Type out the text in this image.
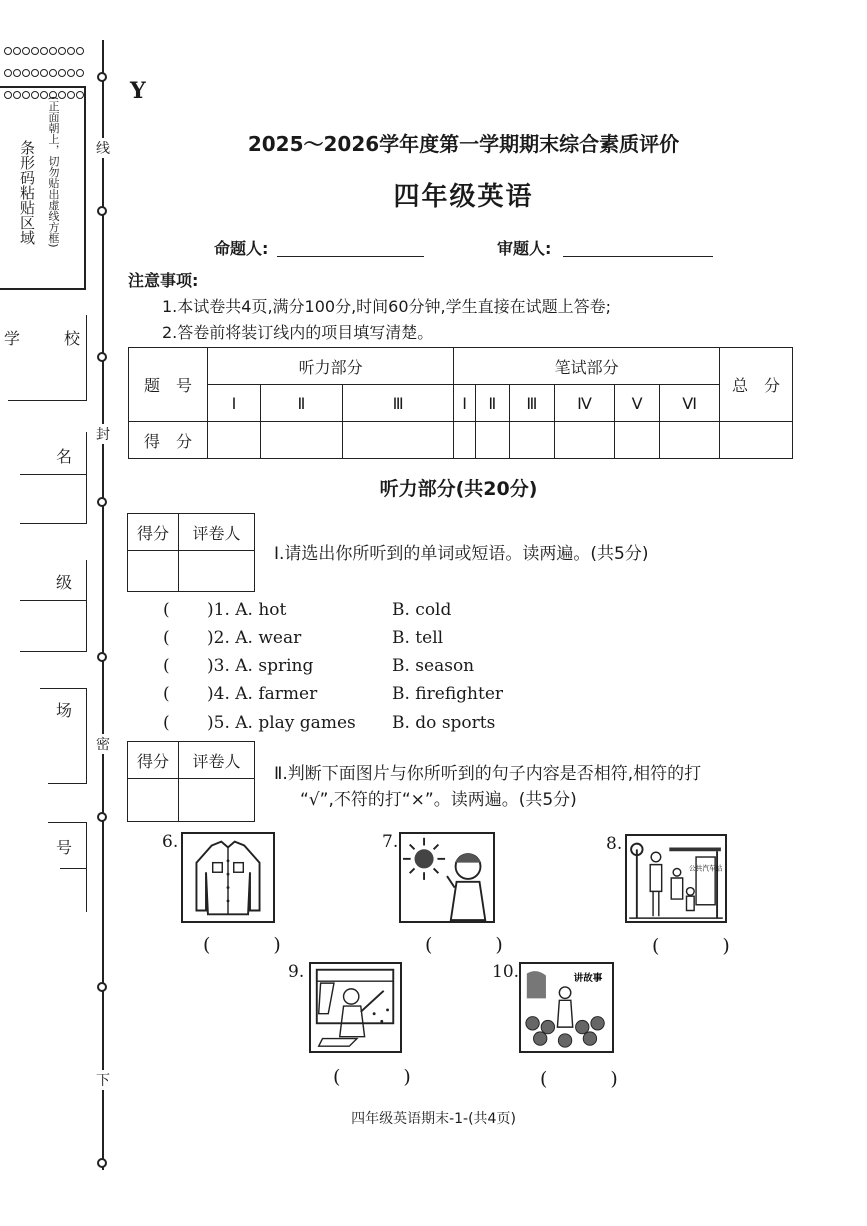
条形码粘贴区域	(正面朝上，切勿贴出虚线方框)
学　校
名
级
场
号
线
封
密
下
Y
2025～2026学年度第一学期期末综合素质评价
四年级英语
命题人:	审题人:
注意事项:
1.本试卷共4页,满分100分,时间60分钟,学生直接在试题上答卷;
2.答卷前将装订线内的项目填写清楚。
题　号	听力部分			笔试部分						总　分
	Ⅰ	Ⅱ	Ⅲ	Ⅰ	Ⅱ	Ⅲ	Ⅳ	Ⅴ	Ⅵ	
得　分										
听力部分(共20分)
得分	评卷人

Ⅰ.请选出你所听到的单词或短语。读两遍。(共5分)
( )1. A. hot	B. cold
( )2. A. wear	B. tell
( )3. A. spring	B. season
( )4. A. farmer	B. firefighter
( )5. A. play games B. do sports
得分	评卷人

Ⅱ.判断下面图片与你所听到的句子内容是否相符,相符的打
“√”,不符的打“×”。读两遍。(共5分)
6.
(　)
7.
(　)
8.
公共汽车站
(　)
9.
(　)
10.	讲故事
(　)
四年级英语期末-1-(共4页)
